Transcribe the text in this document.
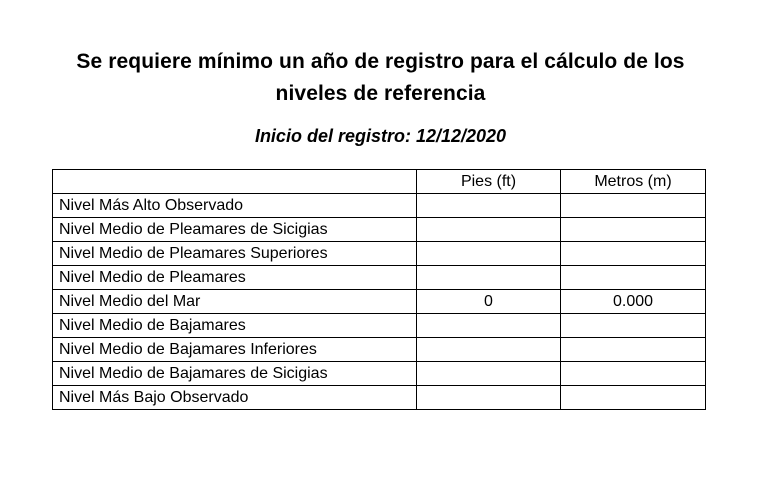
Se requiere mínimo un año de registro para el cálculo de los niveles de referencia
Inicio del registro: 12/12/2020
	Pies (ft)	Metros (m)
Nivel Más Alto Observado		
Nivel Medio de Pleamares de Sicigias		
Nivel Medio de Pleamares Superiores		
Nivel Medio de Pleamares		
Nivel Medio del Mar	0	0.000
Nivel Medio de Bajamares		
Nivel Medio de Bajamares Inferiores		
Nivel Medio de Bajamares de Sicigias		
Nivel Más Bajo Observado		
